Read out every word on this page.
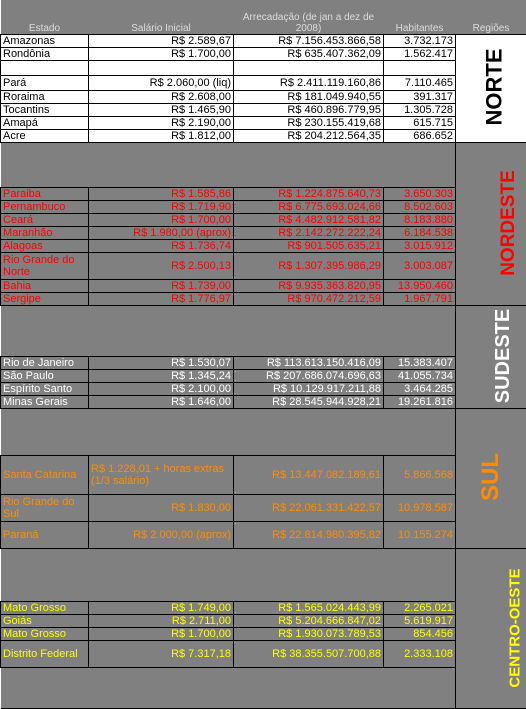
Estado	Salário Inicial	Arrecadação (de jan a dez de 2008)	Habitantes	Regiões
Amazonas	R$ 2.589,67	R$ 7.156.453.866,58	3.732.173	NORTE
Rondônia	R$ 1.700,00	R$ 635.407.362,09	1.562.417	

Pará	R$ 2.060,00 (liq)	R$ 2.411.119.160,86	7.110.465	
Roraima	R$ 2.608,00	R$ 181.049.940,55	391.317	
Tocantins	R$ 1.465,90	R$ 460.896.779,95	1.305.728	
Amapá	R$ 2.190,00	R$ 230.155.419,68	615.715	
Acre	R$ 1.812,00	R$ 204.212.564,35	686.652	
				NORDESTE
Paraiba	R$ 1.585,86	R$ 1.224.875.640,73	3.650.303	
Pernambuco	R$ 1.719,90	R$ 6.775.693.024,66	8.502.603	
Ceará	R$ 1.700,00	R$ 4.482.912.581,82	8.183.880	
Maranhão	R$ 1.980,00 (aprox)	R$ 2.142.272.222,24	6.184.538	
Alagoas	R$ 1.736,74	R$ 901.505.635,21	3.015.912	
Rio Grande do Norte	R$ 2.500,13	R$ 1.307.395.986,29	3.003.087	
Bahia	R$ 1.739,00	R$ 9.935.363.820,95	13.950.460	
Sergipe	R$ 1.776,97	R$ 970.472.212,59	1.967.791	
				SUDESTE
Rio de Janeiro	R$ 1.530,07	R$ 113.613.150.416,09	15.383.407	
São Paulo	R$ 1.345,24	R$ 207.686.074.696,63	41.055.734	
Espírito Santo	R$ 2.100,00	R$ 10.129.917.211,88	3.464.285	
Minas Gerais	R$ 1.646,00	R$ 28.545.944.928,21	19.261.816	
				SUL
Santa Catarina	R$ 1.228,01 + horas extras (1/3 salário)	R$ 13.447.082.189,61	5.866.568	
Rio Grande do Sul	R$ 1.830,00	R$ 22.061.331.422,57	10.978.587	
Paraná	R$ 2.000,00 (aprox)	R$ 22.814.980.395,82	10.155.274	
				CENTRO-OESTE
Mato Grosso	R$ 1.749,00	R$ 1.565.024.443,99	2.265.021	
Goiás	R$ 2.711,00	R$ 5.204.666.847,02	5.619.917	
Mato Grosso	R$ 1.700,00	R$ 1.930.073.789,53	854.456	
Distrito Federal	R$ 7.317,18	R$ 38.355.507.700,88	2.333.108	
